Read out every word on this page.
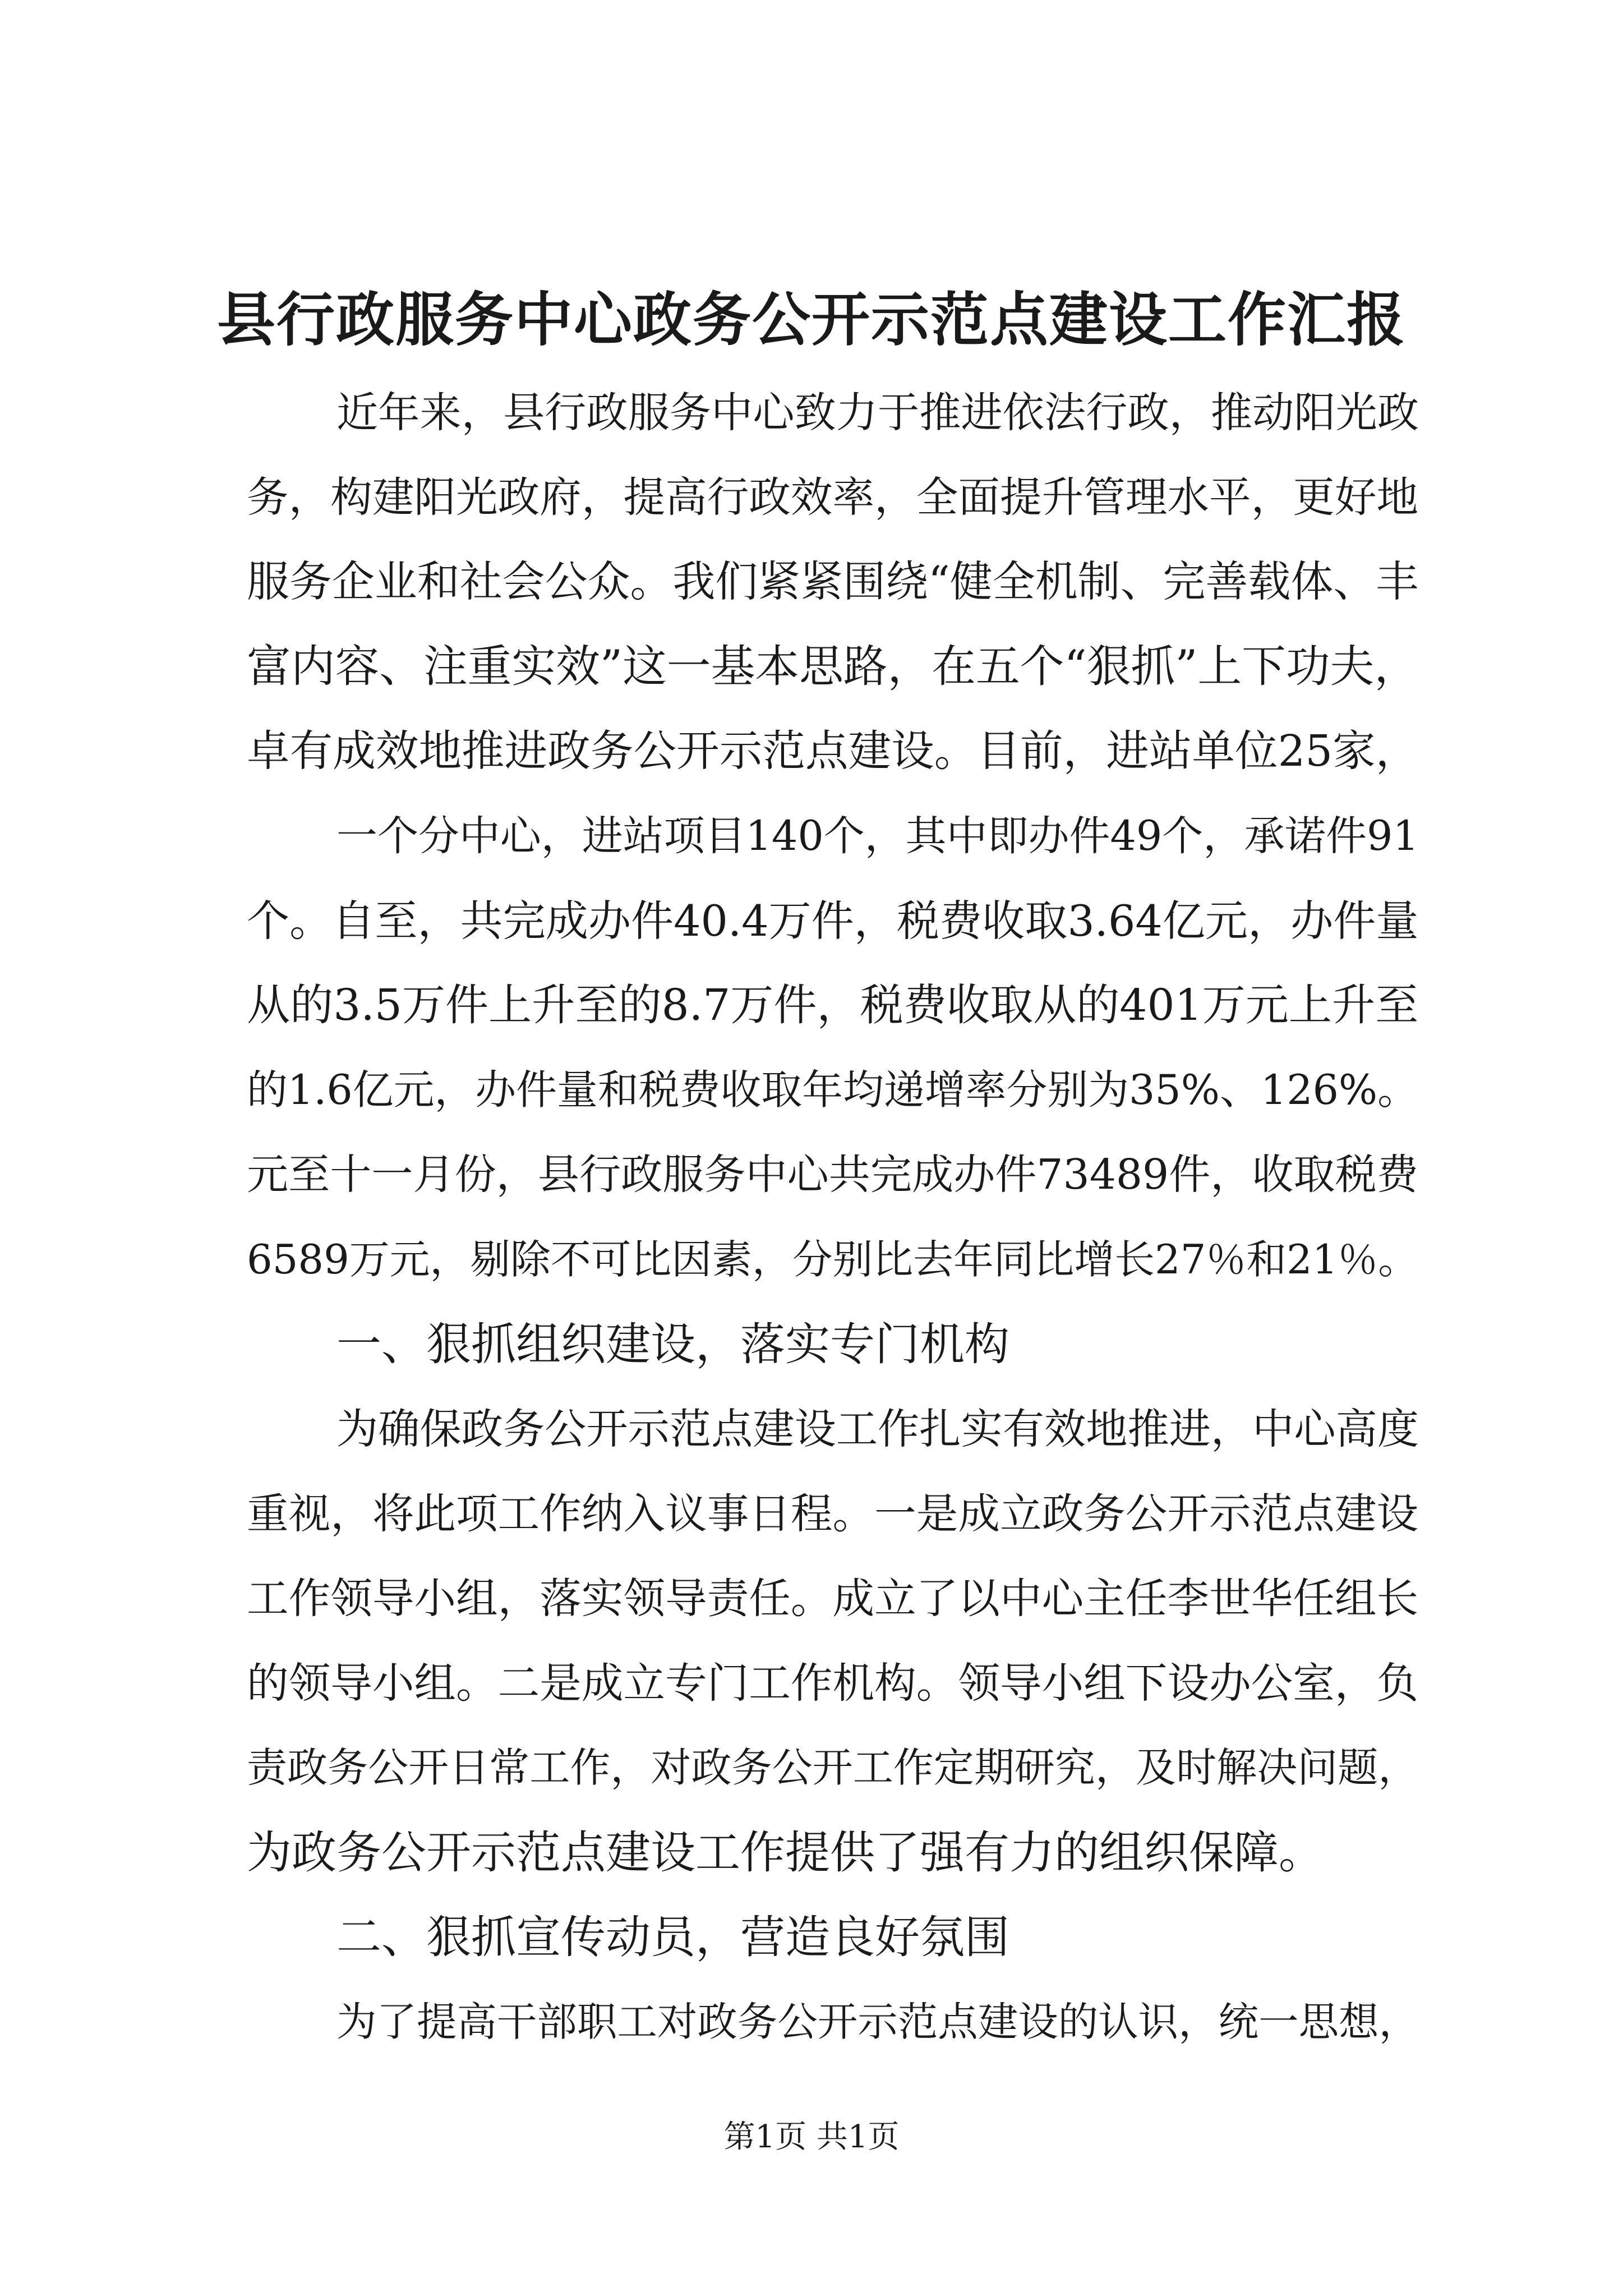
县行政服务中心政务公开示范点建设工作汇报
近年来，县行政服务中心致力于推进依法行政，推动阳光政
务，构建阳光政府，提高行政效率，全面提升管理水平，更好地
服务企业和社会公众。我们紧紧围绕“健全机制、完善载体、丰
富内容、注重实效”这一基本思路，在五个“狠抓”上下功夫，
卓有成效地推进政务公开示范点建设。目前，进站单位25家，
一个分中心，进站项目140个，其中即办件49个，承诺件91
个。自至，共完成办件40.4万件，税费收取3.64亿元，办件量
从的3.5万件上升至的8.7万件，税费收取从的401万元上升至
的1.6亿元，办件量和税费收取年均递增率分别为35%、126%。
元至十一月份，县行政服务中心共完成办件73489件，收取税费
6589万元，剔除不可比因素，分别比去年同比增长27％和21％。
一、狠抓组织建设，落实专门机构
为确保政务公开示范点建设工作扎实有效地推进，中心高度
重视，将此项工作纳入议事日程。一是成立政务公开示范点建设
工作领导小组，落实领导责任。成立了以中心主任李世华任组长
的领导小组。二是成立专门工作机构。领导小组下设办公室，负
责政务公开日常工作，对政务公开工作定期研究，及时解决问题，
为政务公开示范点建设工作提供了强有力的组织保障。
二、狠抓宣传动员，营造良好氛围
为了提高干部职工对政务公开示范点建设的认识，统一思想，
第1页 共1页
